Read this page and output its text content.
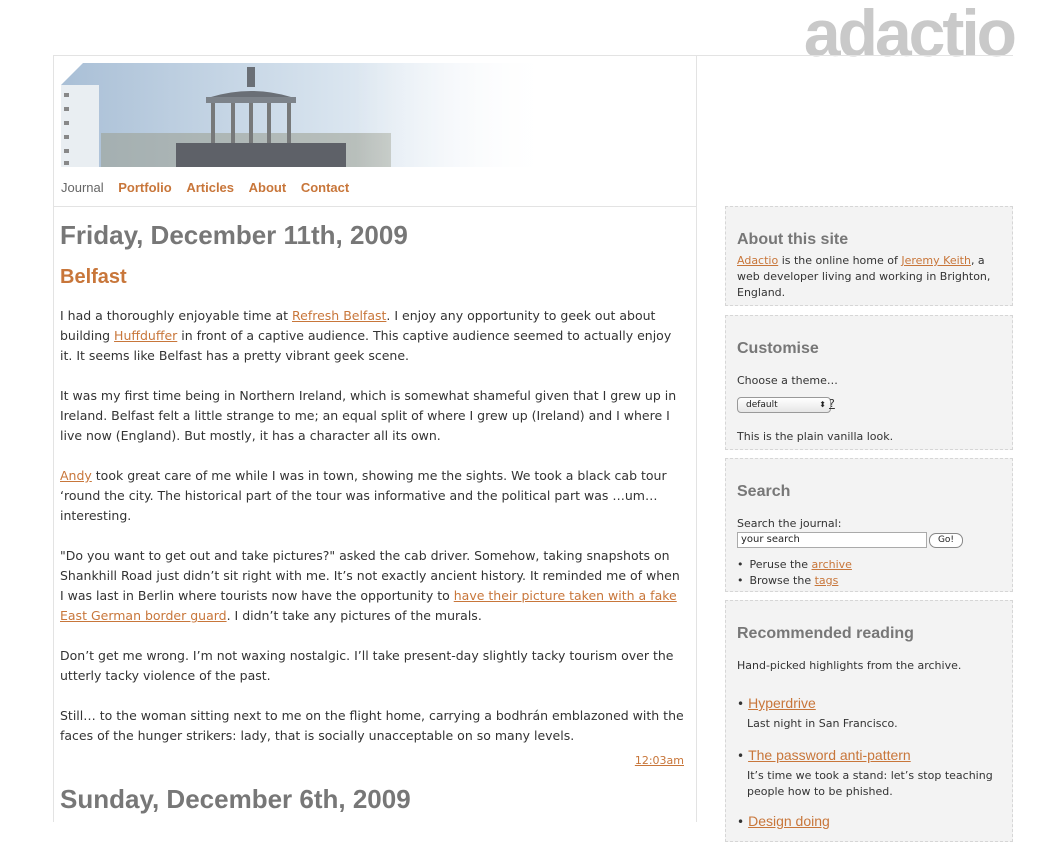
adactio
Journal Portfolio Articles About Contact
Friday, December 11th, 2009
Belfast

I had a thoroughly enjoyable time at Refresh Belfast. I enjoy any opportunity to geek out about building Huffduffer in front of a captive audience. This captive audience seemed to actually enjoy it. It seems like Belfast has a pretty vibrant geek scene.

It was my first time being in Northern Ireland, which is somewhat shameful given that I grew up in Ireland. Belfast felt a little strange to me; an equal split of where I grew up (Ireland) and I where I live now (England). But mostly, it has a character all its own.

Andy took great care of me while I was in town, showing me the sights. We took a black cab tour ‘round the city. The historical part of the tour was informative and the political part was …um… interesting.

"Do you want to get out and take pictures?" asked the cab driver. Somehow, taking snapshots on Shankhill Road just didn’t sit right with me. It’s not exactly ancient history. It reminded me of when I was last in Berlin where tourists now have the opportunity to have their picture taken with a fake East German border guard. I didn’t take any pictures of the murals.

Don’t get me wrong. I’m not waxing nostalgic. I’ll take present-day slightly tacky tourism over the utterly tacky violence of the past.

Still… to the woman sitting next to me on the flight home, carrying a bodhrán emblazoned with the faces of the hunger strikers: lady, that is socially unacceptable on so many levels.

12:03am
Sunday, December 6th, 2009
About this site
Adactio is the online home of Jeremy Keith, a web developer living and working in Brighton, England.
Customise
Choose a theme…
default	⬍ ?
This is the plain vanilla look.
Search
Search the journal:
your search	Go!
• Peruse the archive
• Browse the tags
Recommended reading
Hand-picked highlights from the archive.
• Hyperdrive
Last night in San Francisco.
• The password anti-pattern
It’s time we took a stand: let’s stop teaching people how to be phished.
• Design doing
